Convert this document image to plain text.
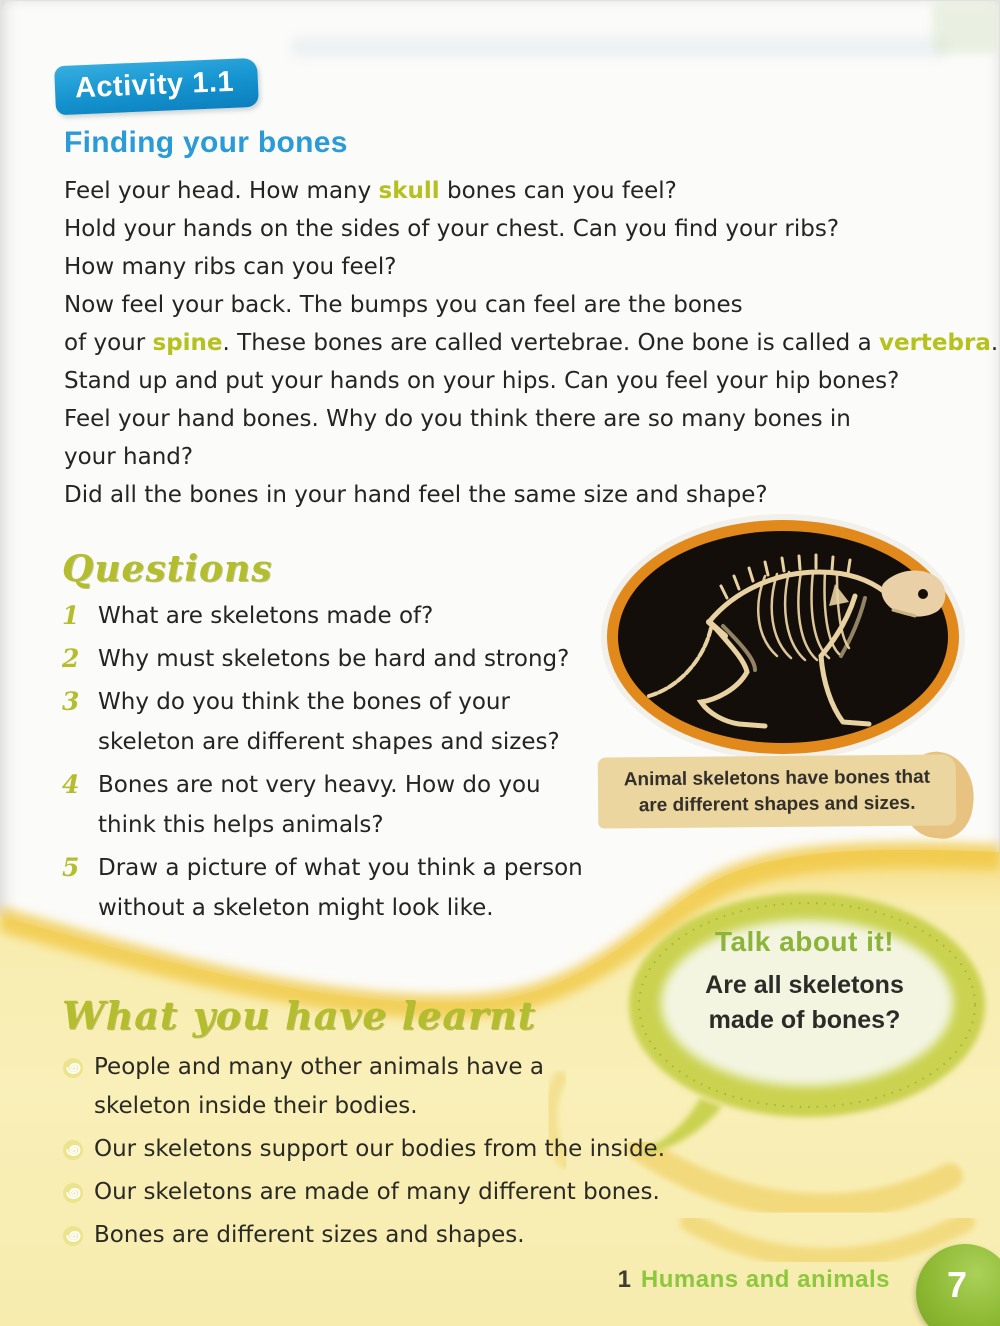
Activity 1.1
Finding your bones
Feel your head. How many skull bones can you feel?
Hold your hands on the sides of your chest. Can you find your ribs?
How many ribs can you feel?
Now feel your back. The bumps you can feel are the bones
of your spine. These bones are called vertebrae. One bone is called a vertebra.
Stand up and put your hands on your hips. Can you feel your hip bones?
Feel your hand bones. Why do you think there are so many bones in
your hand?
Did all the bones in your hand feel the same size and shape?
Questions
1 What are skeletons made of?
2 Why must skeletons be hard and strong?
3 Why do you think the bones of your
skeleton are different shapes and sizes?
4 Bones are not very heavy. How do you
think this helps animals?
5 Draw a picture of what you think a person
without a skeleton might look like.
Animal skeletons have bones that
are different shapes and sizes.
Talk about it!
Are all skeletons
made of bones?
What you have learnt
People and many other animals have a
skeleton inside their bodies.
Our skeletons support our bodies from the inside.
Our skeletons are made of many different bones.
Bones are different sizes and shapes.
1 Humans and animals 7
